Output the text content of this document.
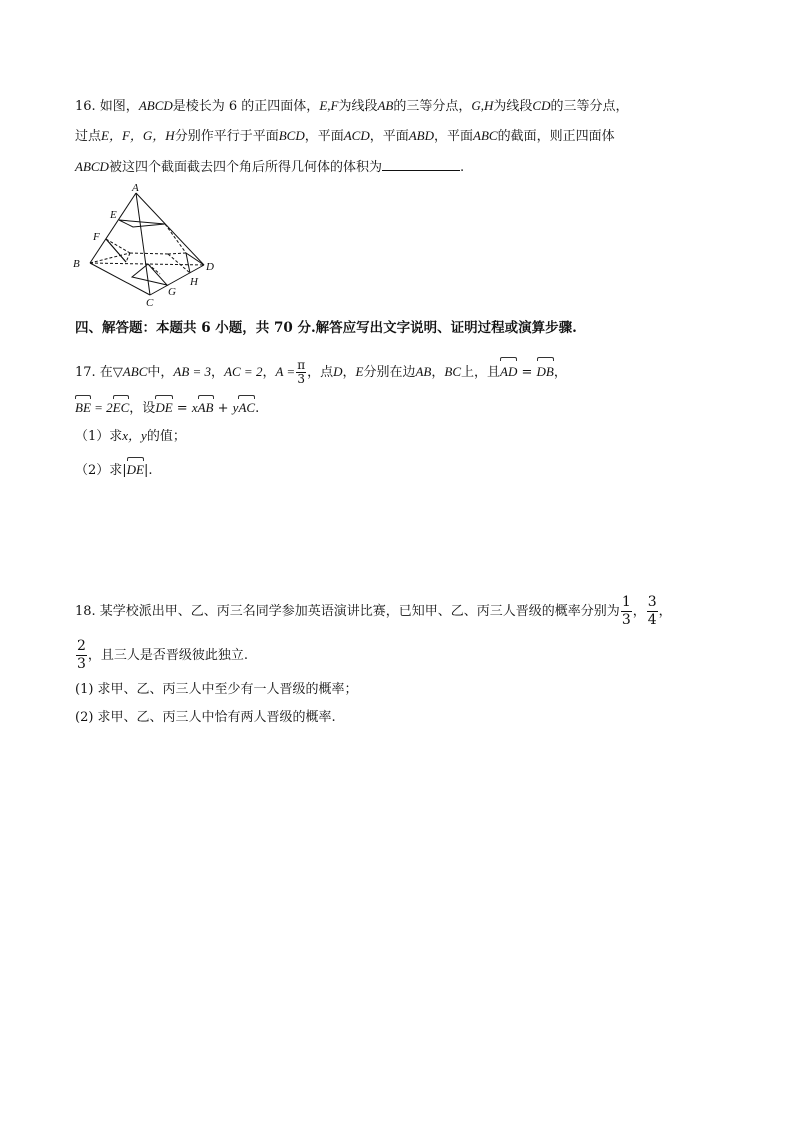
16. 如图，ABCD是棱长为 6 的正四面体，E,F为线段AB的三等分点，G,H为线段CD的三等分点，
过点E，F，G，H分别作平行于平面BCD，平面ACD，平面ABD，平面ABC的截面，则正四面体
ABCD被这四个截面截去四个角后所得几何体的体积为	.
A
E
F
B	D
H
G
C
四、解答题：本题共 6 小题，共 70 分.解答应写出文字说明、证明过程或演算步骤.
17. 在▽ABC中，AB = 3，AC = 2，$A = \frac{\pi}{3}$ ，点D，E分别在边AB，BC上，且AD = DB，
BE = 2EC，设DE = xAB + yAC.
（1）求x，y的值；
（2）求|DE|.
18. 某学校派出甲、乙、丙三名同学参加英语演讲比赛，已知甲、乙、丙三人晋级的概率分别为 $\frac{1}{3}$ ， $\frac{3}{4}$ ，
$\frac{2}{3}$ ，且三人是否晋级彼此独立.
(1) 求甲、乙、丙三人中至少有一人晋级的概率；
(2) 求甲、乙、丙三人中恰有两人晋级的概率.
